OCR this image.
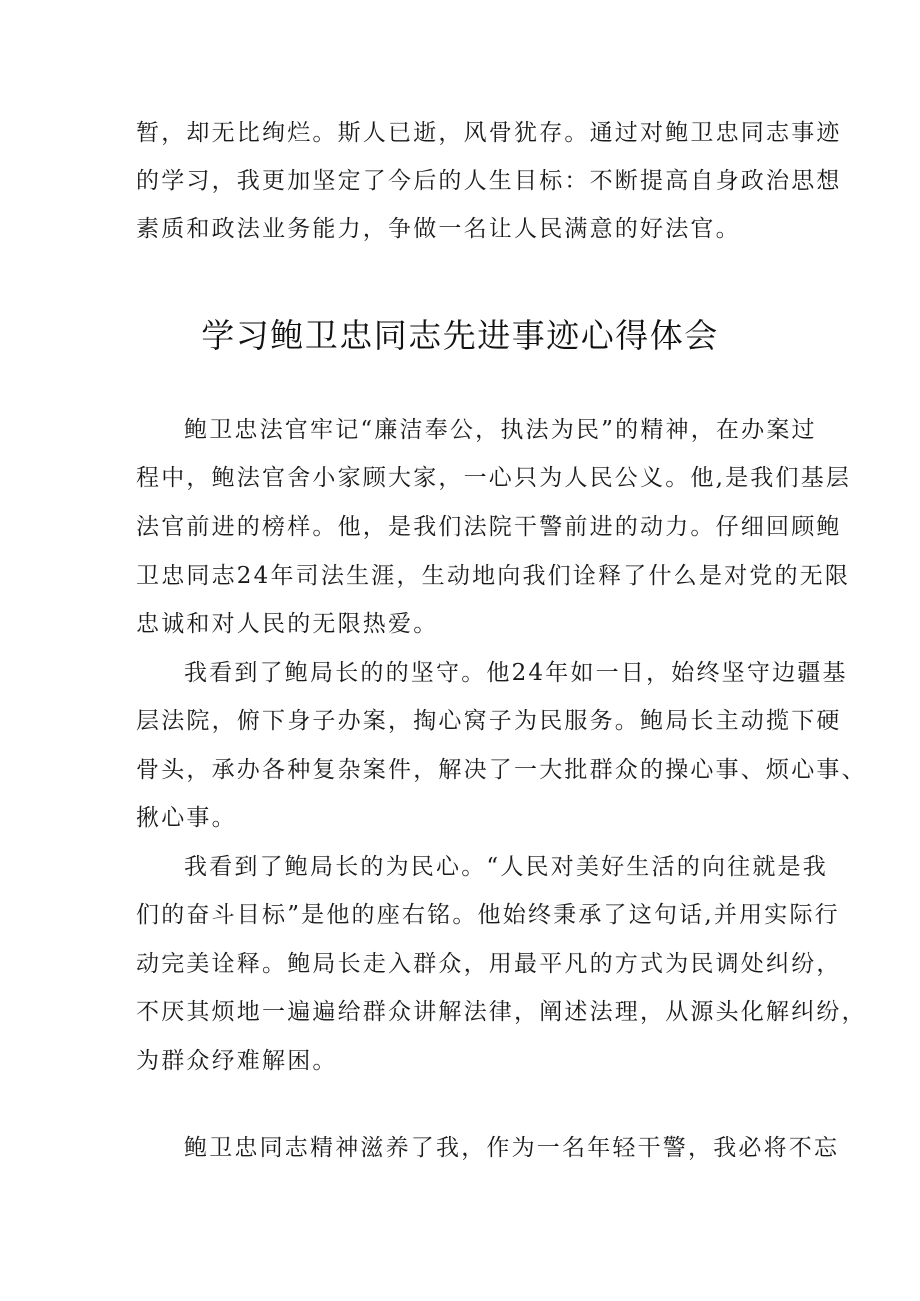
暂，却无比绚烂。斯人已逝，风骨犹存。通过对鲍卫忠同志事迹
的学习，我更加坚定了今后的人生目标：不断提高自身政治思想
素质和政法业务能力，争做一名让人民满意的好法官。
学习鲍卫忠同志先进事迹心得体会
鲍卫忠法官牢记“廉洁奉公，执法为民”的精神，在办案过
程中，鲍法官舍小家顾大家，一心只为人民公义。他,是我们基层
法官前进的榜样。他，是我们法院干警前进的动力。仔细回顾鲍
卫忠同志24年司法生涯，生动地向我们诠释了什么是对党的无限
忠诚和对人民的无限热爱。
我看到了鲍局长的的坚守。他24年如一日，始终坚守边疆基
层法院，俯下身子办案，掏心窝子为民服务。鲍局长主动揽下硬
骨头，承办各种复杂案件，解决了一大批群众的操心事、烦心事、
揪心事。
我看到了鲍局长的为民心。“人民对美好生活的向往就是我
们的奋斗目标”是他的座右铭。他始终秉承了这句话,并用实际行
动完美诠释。鲍局长走入群众，用最平凡的方式为民调处纠纷，
不厌其烦地一遍遍给群众讲解法律，阐述法理，从源头化解纠纷，
为群众纾难解困。
鲍卫忠同志精神滋养了我，作为一名年轻干警，我必将不忘
